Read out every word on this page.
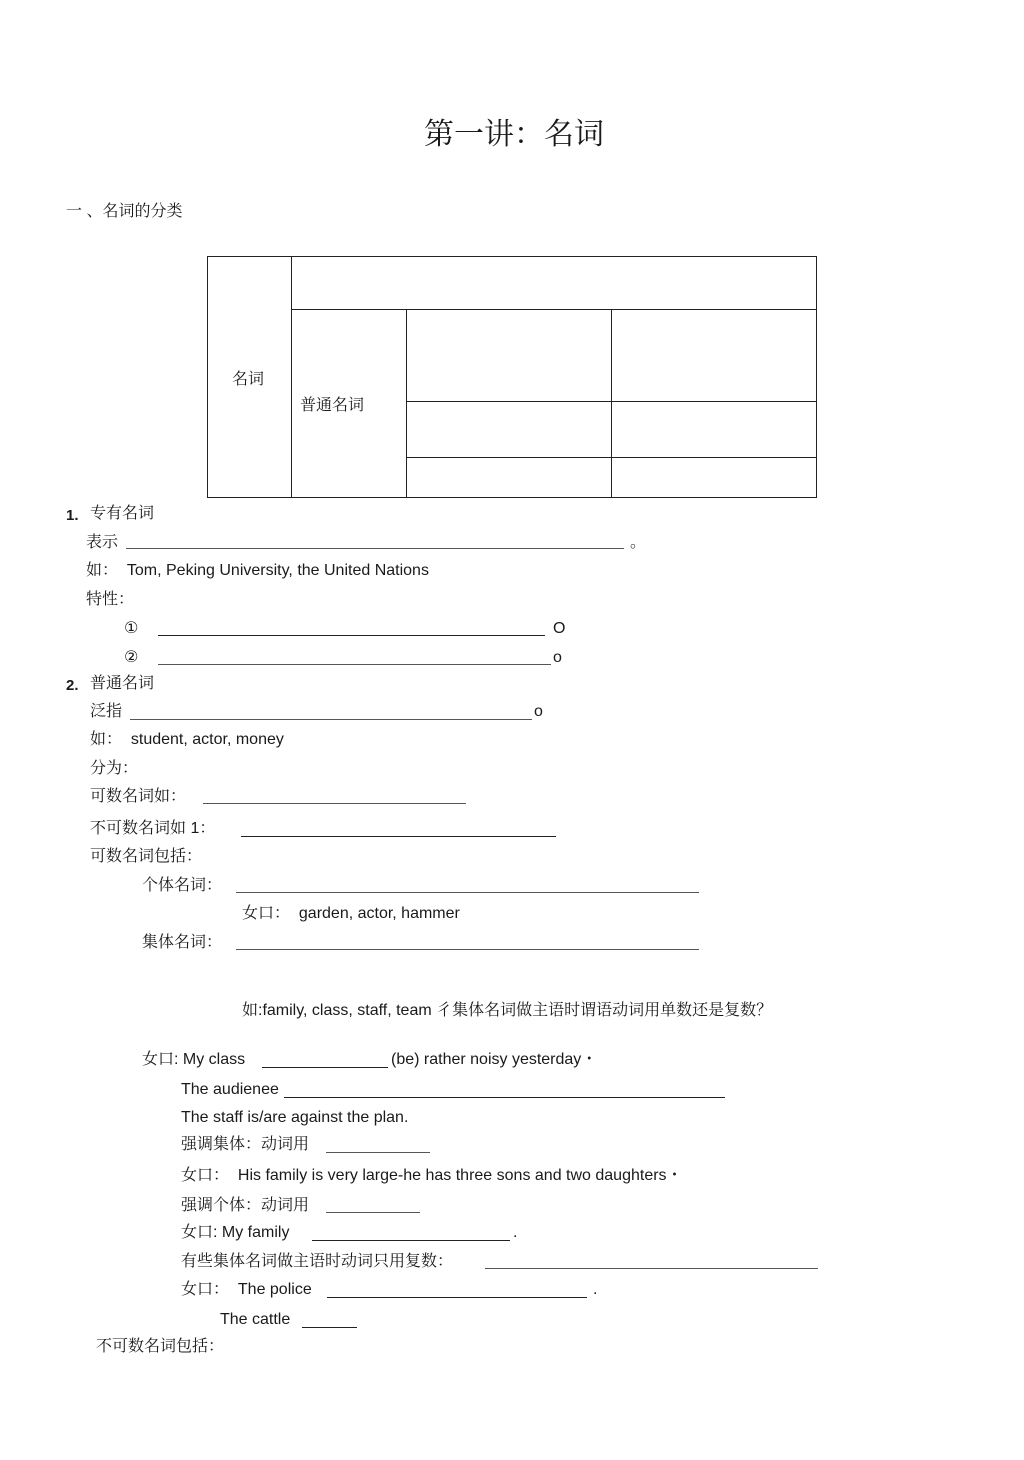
第一讲：名词
一 、名词的分类
名词			
	普通名词		

1. 专有名词
表示	。
如：  Tom, Peking University, the United Nations
特性：
①	O
②	o
2. 普通名词
泛指	o
如：  student, actor, money
分为：
可数名词如：
不可数名词如 1：
可数名词包括：
个体名词：
女口：  garden, actor, hammer
集体名词：
如:family, class, staff, team 彳集体名词做主语时谓语动词用单数还是复数？
女口: My class	(be) rather noisy yesterday・
The audienee
The staff is/are against the plan.
强调集体：动词用
女口：  His family is very large-he has three sons and two daughters・
强调个体：动词用
女口: My family	.
有些集体名词做主语时动词只用复数：
女口：  The police	.
The cattle
不可数名词包括：
